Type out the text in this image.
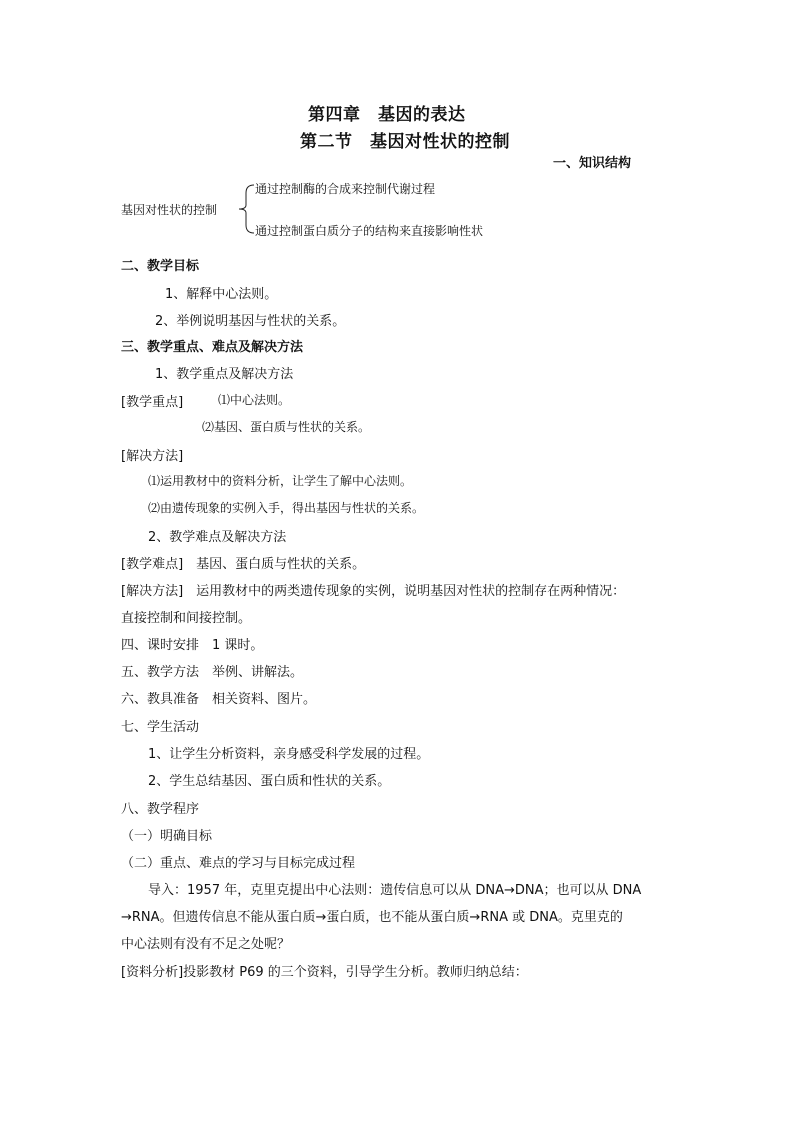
第四章　基因的表达
第二节　基因对性状的控制
一、知识结构
基因对性状的控制
通过控制酶的合成来控制代谢过程
通过控制蛋白质分子的结构来直接影响性状
二、教学目标
1、解释中心法则。
2、举例说明基因与性状的关系。
三、教学重点、难点及解决方法
1、教学重点及解决方法
[教学重点]	⑴中心法则。
⑵基因、蛋白质与性状的关系。
[解决方法]
⑴运用教材中的资料分析，让学生了解中心法则。
⑵由遗传现象的实例入手，得出基因与性状的关系。
2、教学难点及解决方法
[教学难点]　基因、蛋白质与性状的关系。
[解决方法]　运用教材中的两类遗传现象的实例，说明基因对性状的控制存在两种情况：
直接控制和间接控制。
四、课时安排　1 课时。
五、教学方法　举例、讲解法。
六、教具准备　相关资料、图片。
七、学生活动
1、让学生分析资料，亲身感受科学发展的过程。
2、学生总结基因、蛋白质和性状的关系。
八、教学程序
（一）明确目标
（二）重点、难点的学习与目标完成过程
导入：1957 年，克里克提出中心法则：遗传信息可以从 DNA→DNA；也可以从 DNA
→RNA。但遗传信息不能从蛋白质→蛋白质，也不能从蛋白质→RNA 或 DNA。克里克的
中心法则有没有不足之处呢？
[资料分析]投影教材 P69 的三个资料，引导学生分析。教师归纳总结：
